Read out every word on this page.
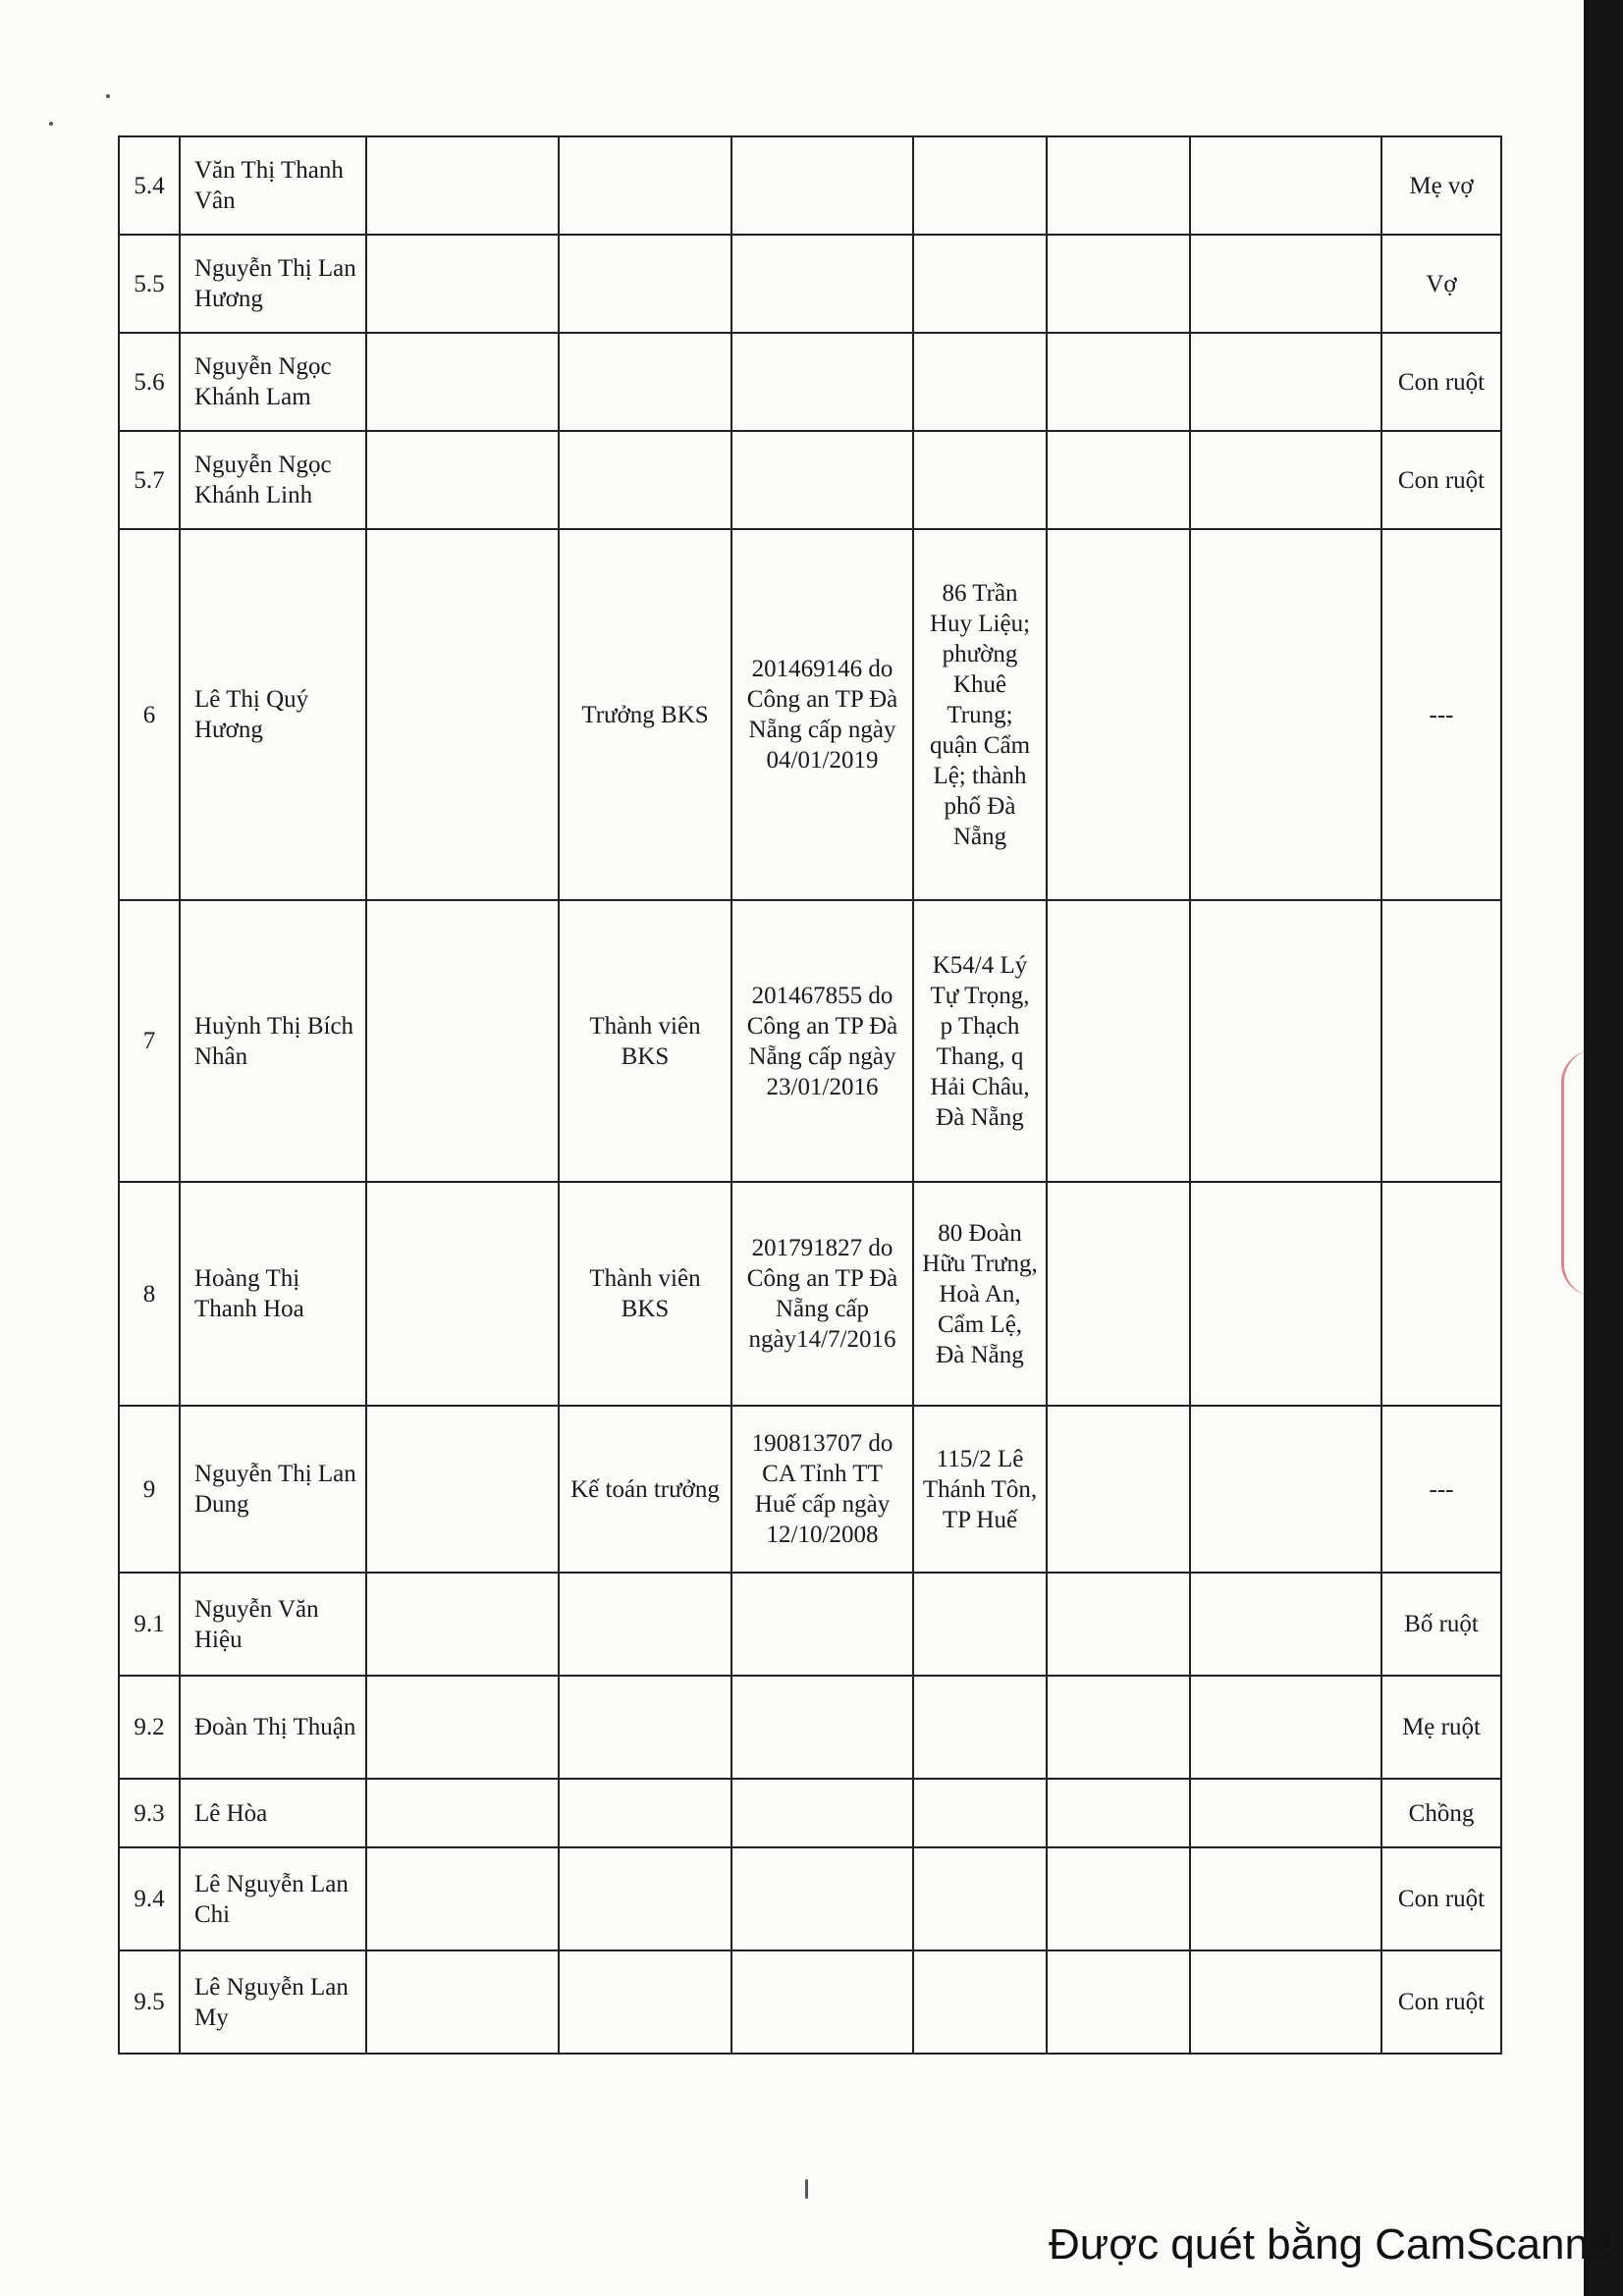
5.4	Văn Thị Thanh Vân							Mẹ vợ
5.5	Nguyễn Thị Lan Hương							Vợ
5.6	Nguyễn Ngọc Khánh Lam							Con ruột
5.7	Nguyễn Ngọc Khánh Linh							Con ruột
6	Lê Thị Quý Hương		Trưởng BKS	201469146 do Công an TP Đà Nẵng cấp ngày 04/01/2019	86 Trần Huy Liệu; phường Khuê Trung; quận Cẩm Lệ; thành phố Đà Nẵng			---
7	Huỳnh Thị Bích Nhân		Thành viên BKS	201467855 do Công an TP Đà Nẵng cấp ngày 23/01/2016	K54/4 Lý Tự Trọng, p Thạch Thang, q Hải Châu, Đà Nẵng			
8	Hoàng Thị Thanh Hoa		Thành viên BKS	201791827 do Công an TP Đà Nẵng cấp ngày14/7/2016	80 Đoàn Hữu Trưng, Hoà An, Cẩm Lệ, Đà Nẵng			
9	Nguyễn Thị Lan Dung		Kế toán trưởng	190813707 do CA Tỉnh TT Huế cấp ngày 12/10/2008	115/2 Lê Thánh Tôn, TP Huế			---
9.1	Nguyễn Văn Hiệu							Bố ruột
9.2	Đoàn Thị Thuận							Mẹ ruột
9.3	Lê Hòa							Chồng
9.4	Lê Nguyễn Lan Chi							Con ruột
9.5	Lê Nguyễn Lan My							Con ruột
Được quét bằng CamScanne
